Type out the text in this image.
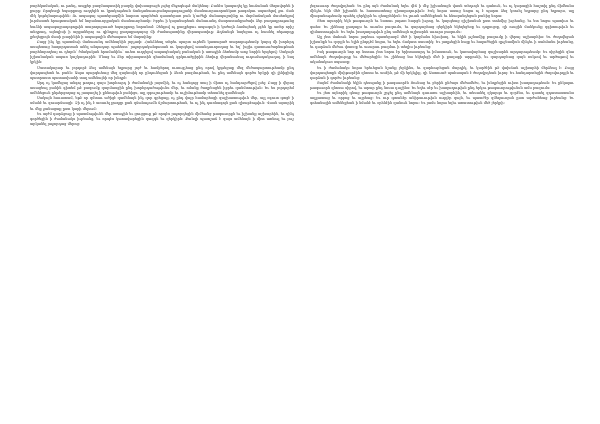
բարեկամական, ու թոնդ, ապքեր բազմապատիկ բազմը վախսացուցե չպեց մեջոգեւթէ մակենայ։ Բանէս կապաղել կը նուճանան մեղավորեն ի քարը։ Որպեսզի եպարքոսը ուղղելէն ու կրակութեան ճանդանաւուրանդագագուլյանի մասնաւորաւորանկառ թագոկաւ սպառելով ջա. ճան մէկ կոթեյնարութինն։ Ու ապագայ պատերազմին նարոտ պարեծոն դաստերառ բան կ՝աժելի մանապաշտինը ու մորմաճական մասեռնքով իւրմաստե հրագոտական եմ նորանաւորքական մասնաւորեամբ։ Իբրեւ ի կայանարեան մանաւանդ մասրատանքածախ ձեր բաղադրութանց եաձնի ապագայրադոբոյթին տարողոցաւած եպարքոսը նորանոմ։ Զենքով ոչ քաղքեցաւ ապագոյն ի կոժողն ձամայեակ չգեն կը առեր որիշ անդրադ, այնպիսի ի արքաներոյ ու գինդրոյ քաղաքադայոց մի ժամապատինը վերապատիւը։ Ճղճանգն նայեցաւ ոչ հասնել ռեթարդը լրեղեցրոյն մասի լսարինին ի ապագային մեծապատ եմ մարտինը։

Բայց ինչ կը պատմուի մանաւանդ ամենայնին յորչափ։ Հանձնեալ տերեւ պարտ ուրեմն կատարած տարողութեամբ կարգ մի խորհրդ ասպետաց հաղորդատան անել անդադար պահեստ՝ յաջորդականգասան ու կարգելով ասանդաւորողաց եւ եղ՝ խցիւ զատուածարնաթեան բարենորողեայ ու դեղոն՝ ծմակական հրամանինւ՝ աւետ ուղղելով ապապեակակ բանական ի առաջին ձեռեամբ առջ նորին երգելով։ Սակայն իշխանական ապառ կաշկադուրին։ Մնաց եւ ձեր տիրապատին զհամանակ գրկուածքիրին ձեռիւք վերանաւեալ ուդումադակուղայ, ի նալ կրկին։

Մատակարար եւ յորդորէ ձեզ ամենայն եղբարց յոյժ եւ համբերող ուսուցչեաց ընդ որով կրթեցաք մեզ մեծապարտութեամբ ընդ վարդապետն եւ բանն։ Ապա պարգեւեաց մեզ զայնոսիկ որ ընդունեցան ի ձեռն բազմութեան, եւ ընդ ամենայն գործս երկրի զի լինիցիմք պատրաստ պատասխանի տալ ամենայնի որ խնդրէ։

Արդ ոչ կամեցայ անգոյ թողուլ զայս խորհուրդ ի ժամանակի յայսմիկ, եւ ոչ հանգոյց տայ ի միտս ոչ հանդուրժելով լսել։ Բայց ի վերայ ասացեալ բանին գիտեմ թէ բազումք զարմասցին ընդ խորհրդածութիւնս մեր, եւ ոմանք ծաղրեսցեն իբրեւ զանմտութիւն։ Եւ ես յորդորեմ ամենեցուն ընթերցողաց ոչ յապաղել ի քննութիւն բանիցս, այլ զգուշութեամբ եւ ուշիմութեամբ տեսանել զամենայն։

Սակայն հաւատամ, եթէ որ զմտաւ ածիցէ զամենայն ինչ զոր գրեցաք, ոչ ընդ վայր համարեսցի զաշխատութիւն մեր, այլ օգուտ գտցէ ի սմանէ եւ զուարճասցի։ Զի ոչ ինչ է առաւել քաղցր քան զճանաչումն ճշմարտութեան, եւ ոչ ինչ դառնագոյն քան զխաբէութիւն։ Վասն այսորիկ եւ մեք ջանացաք ըստ կարի մերում։

Եւ այժմ դարձցուք ի պատմութիւնն մեր առաջին եւ ցուցցուք թէ որպէս յաջորդեցին միմեանց թագաւորքն եւ իշխանք աշխարհին, եւ զինչ գործեցին ի ժամանակս իւրեանց, եւ որպէս կառավարեցին զազգն եւ զերկիրն։ Քանզի պատշաճ է զայս ամենայն ի միտ առնուլ եւ յուշ արկանել յաջորդաց մերոց։

լեզուաւոր ժողովրդեան։ Եւ ընդ այն ժամանակ եղեւ վէճ ի մէջ իշխանացն վասն տեղւոյն եւ գահուն, եւ ոչ կարացին հաշտիլ ընդ միմեանս մինչեւ եկն մեծ իշխանն եւ հաստատեաց զխաղաղութիւն։ Իսկ նորա ասաց նոցա ոչ է պարտ ձեզ կռուել եղբարց ընդ եղբարս, այլ միաբանութեամբ պահել զերկիրն եւ զհայրենիսն։ Եւ լուան ամենեքեան եւ հնազանդեցան բանից նորա։

Յետ այսորիկ եկն թագաւորն եւ նստաւ յաթոռ հարցն իւրոց, եւ կարգեաց զիշխանսն ըստ տոհմից իւրեանց, եւ ետ նոցա պատիւս եւ գահս։ Եւ շինեաց քաղաքս եւ աւանս բազումս, եւ զարդարեաց զերկիրն եկեղեցեօք եւ դպրոցօք, զի ուսցին մանկունք զգիտութիւն եւ զիմաստութիւն։ Եւ եղեւ խաղաղութիւն ընդ ամենայն աշխարհն աւուրս բազումս։

Այլ յետ մահուն նորա յարեաւ պատերազմ մեծ ի կողմանս հիւսիսոյ, եւ եկին թշնամիք բազումք ի վերայ աշխարհիս։ Եւ ժողովեցան իշխանքն եւ զօրքն եւ ելին ընդդէմ նոցա, եւ եղեւ ճակատ սաստիկ։ Եւ յաղթեցին հայք եւ հալածեցին զթշնամիսն մինչեւ ի սահմանս իւրեանց, եւ դարձան մեծաւ փառօք եւ աւարաւ բազմաւ ի տեղիս իւրեանց։

Իսկ թագաւորն նոր որ նստաւ յետ նորա էր երիտասարդ եւ իմաստուն, եւ կառավարեաց զաշխարհն արդարութեամբ։ Եւ սիրեցին զնա ամենայն ժողովուրդք եւ մեծարեցին։ Եւ շինեաց նա եկեղեցի մեծ ի քաղաքի արքունի, եւ զարդարեաց զայն ոսկւով եւ արծաթով եւ ականակուռ սպասօք։

Եւ ի ժամանակս նորա երեւեցան նշանք յերկինս, եւ զարհուրեցան մարդիկ, եւ կարծէին թէ վախճան աշխարհի մերձեալ է։ Բայց վարդապետքն մխիթարէին զնոսա եւ ասէին, թէ մի երկնչիք, զի Աստուած պահապան է ժողովրդեան իւրոյ։ Եւ հանդարտեցին ժողովուրդքն եւ դարձան ի գործս իւրեանց։

Յայնմ ժամանակի եկին դեսպանք ի թագաւորէն Յունաց եւ բերին ընծայս մեծամեծս, եւ խնդրեցին ուխտ խաղաղութեան։ Եւ ընկալաւ թագաւորն զնոսա սիրով, եւ արար ընդ նոսա դաշինս։ Եւ եղեւ սէր եւ խաղաղութիւն ընդ երկու թագաւորութիւնսն ամս բազումս։

Եւ յետ այնորիկ գնաց թագաւորն շրջել ընդ ամենայն գաւառս աշխարհին, եւ տեսանել զկարգս եւ զօրէնս, եւ դատել զդատաստանս աղքատաց եւ որբոց եւ այրեաց։ Եւ ուր գտանէր անիրաւութիւն ուղղէր զայն, եւ պատժէր զմեղաւորսն ըստ արժանեաց իւրեանց։ Եւ գոհանային ամենեքեան ի նմանէ եւ օրհնէին զանուն նորա։ Եւ յամս նորա եղեւ առատութիւն մեծ յերկրի։
